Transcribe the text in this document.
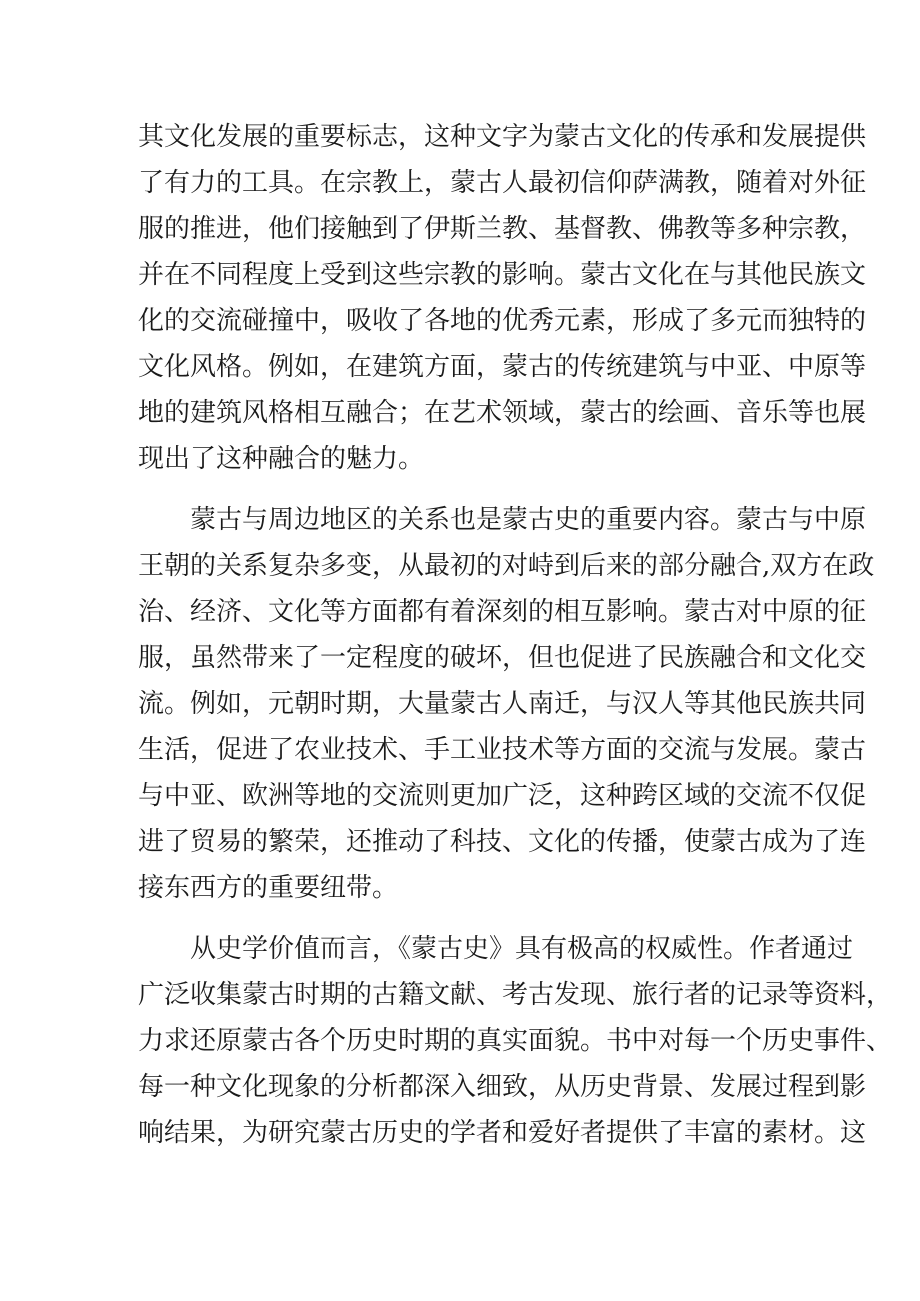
其文化发展的重要标志，这种文字为蒙古文化的传承和发展提供
了有力的工具。在宗教上，蒙古人最初信仰萨满教，随着对外征
服的推进，他们接触到了伊斯兰教、基督教、佛教等多种宗教，
并在不同程度上受到这些宗教的影响。蒙古文化在与其他民族文
化的交流碰撞中，吸收了各地的优秀元素，形成了多元而独特的
文化风格。例如，在建筑方面，蒙古的传统建筑与中亚、中原等
地的建筑风格相互融合；在艺术领域，蒙古的绘画、音乐等也展
现出了这种融合的魅力。
蒙古与周边地区的关系也是蒙古史的重要内容。蒙古与中原
王朝的关系复杂多变，从最初的对峙到后来的部分融合,双方在政
治、经济、文化等方面都有着深刻的相互影响。蒙古对中原的征
服，虽然带来了一定程度的破坏，但也促进了民族融合和文化交
流。例如，元朝时期，大量蒙古人南迁，与汉人等其他民族共同
生活，促进了农业技术、手工业技术等方面的交流与发展。蒙古
与中亚、欧洲等地的交流则更加广泛，这种跨区域的交流不仅促
进了贸易的繁荣，还推动了科技、文化的传播，使蒙古成为了连
接东西方的重要纽带。
从史学价值而言，《蒙古史》具有极高的权威性。作者通过
广泛收集蒙古时期的古籍文献、考古发现、旅行者的记录等资料，
力求还原蒙古各个历史时期的真实面貌。书中对每一个历史事件、
每一种文化现象的分析都深入细致，从历史背景、发展过程到影
响结果，为研究蒙古历史的学者和爱好者提供了丰富的素材。这
